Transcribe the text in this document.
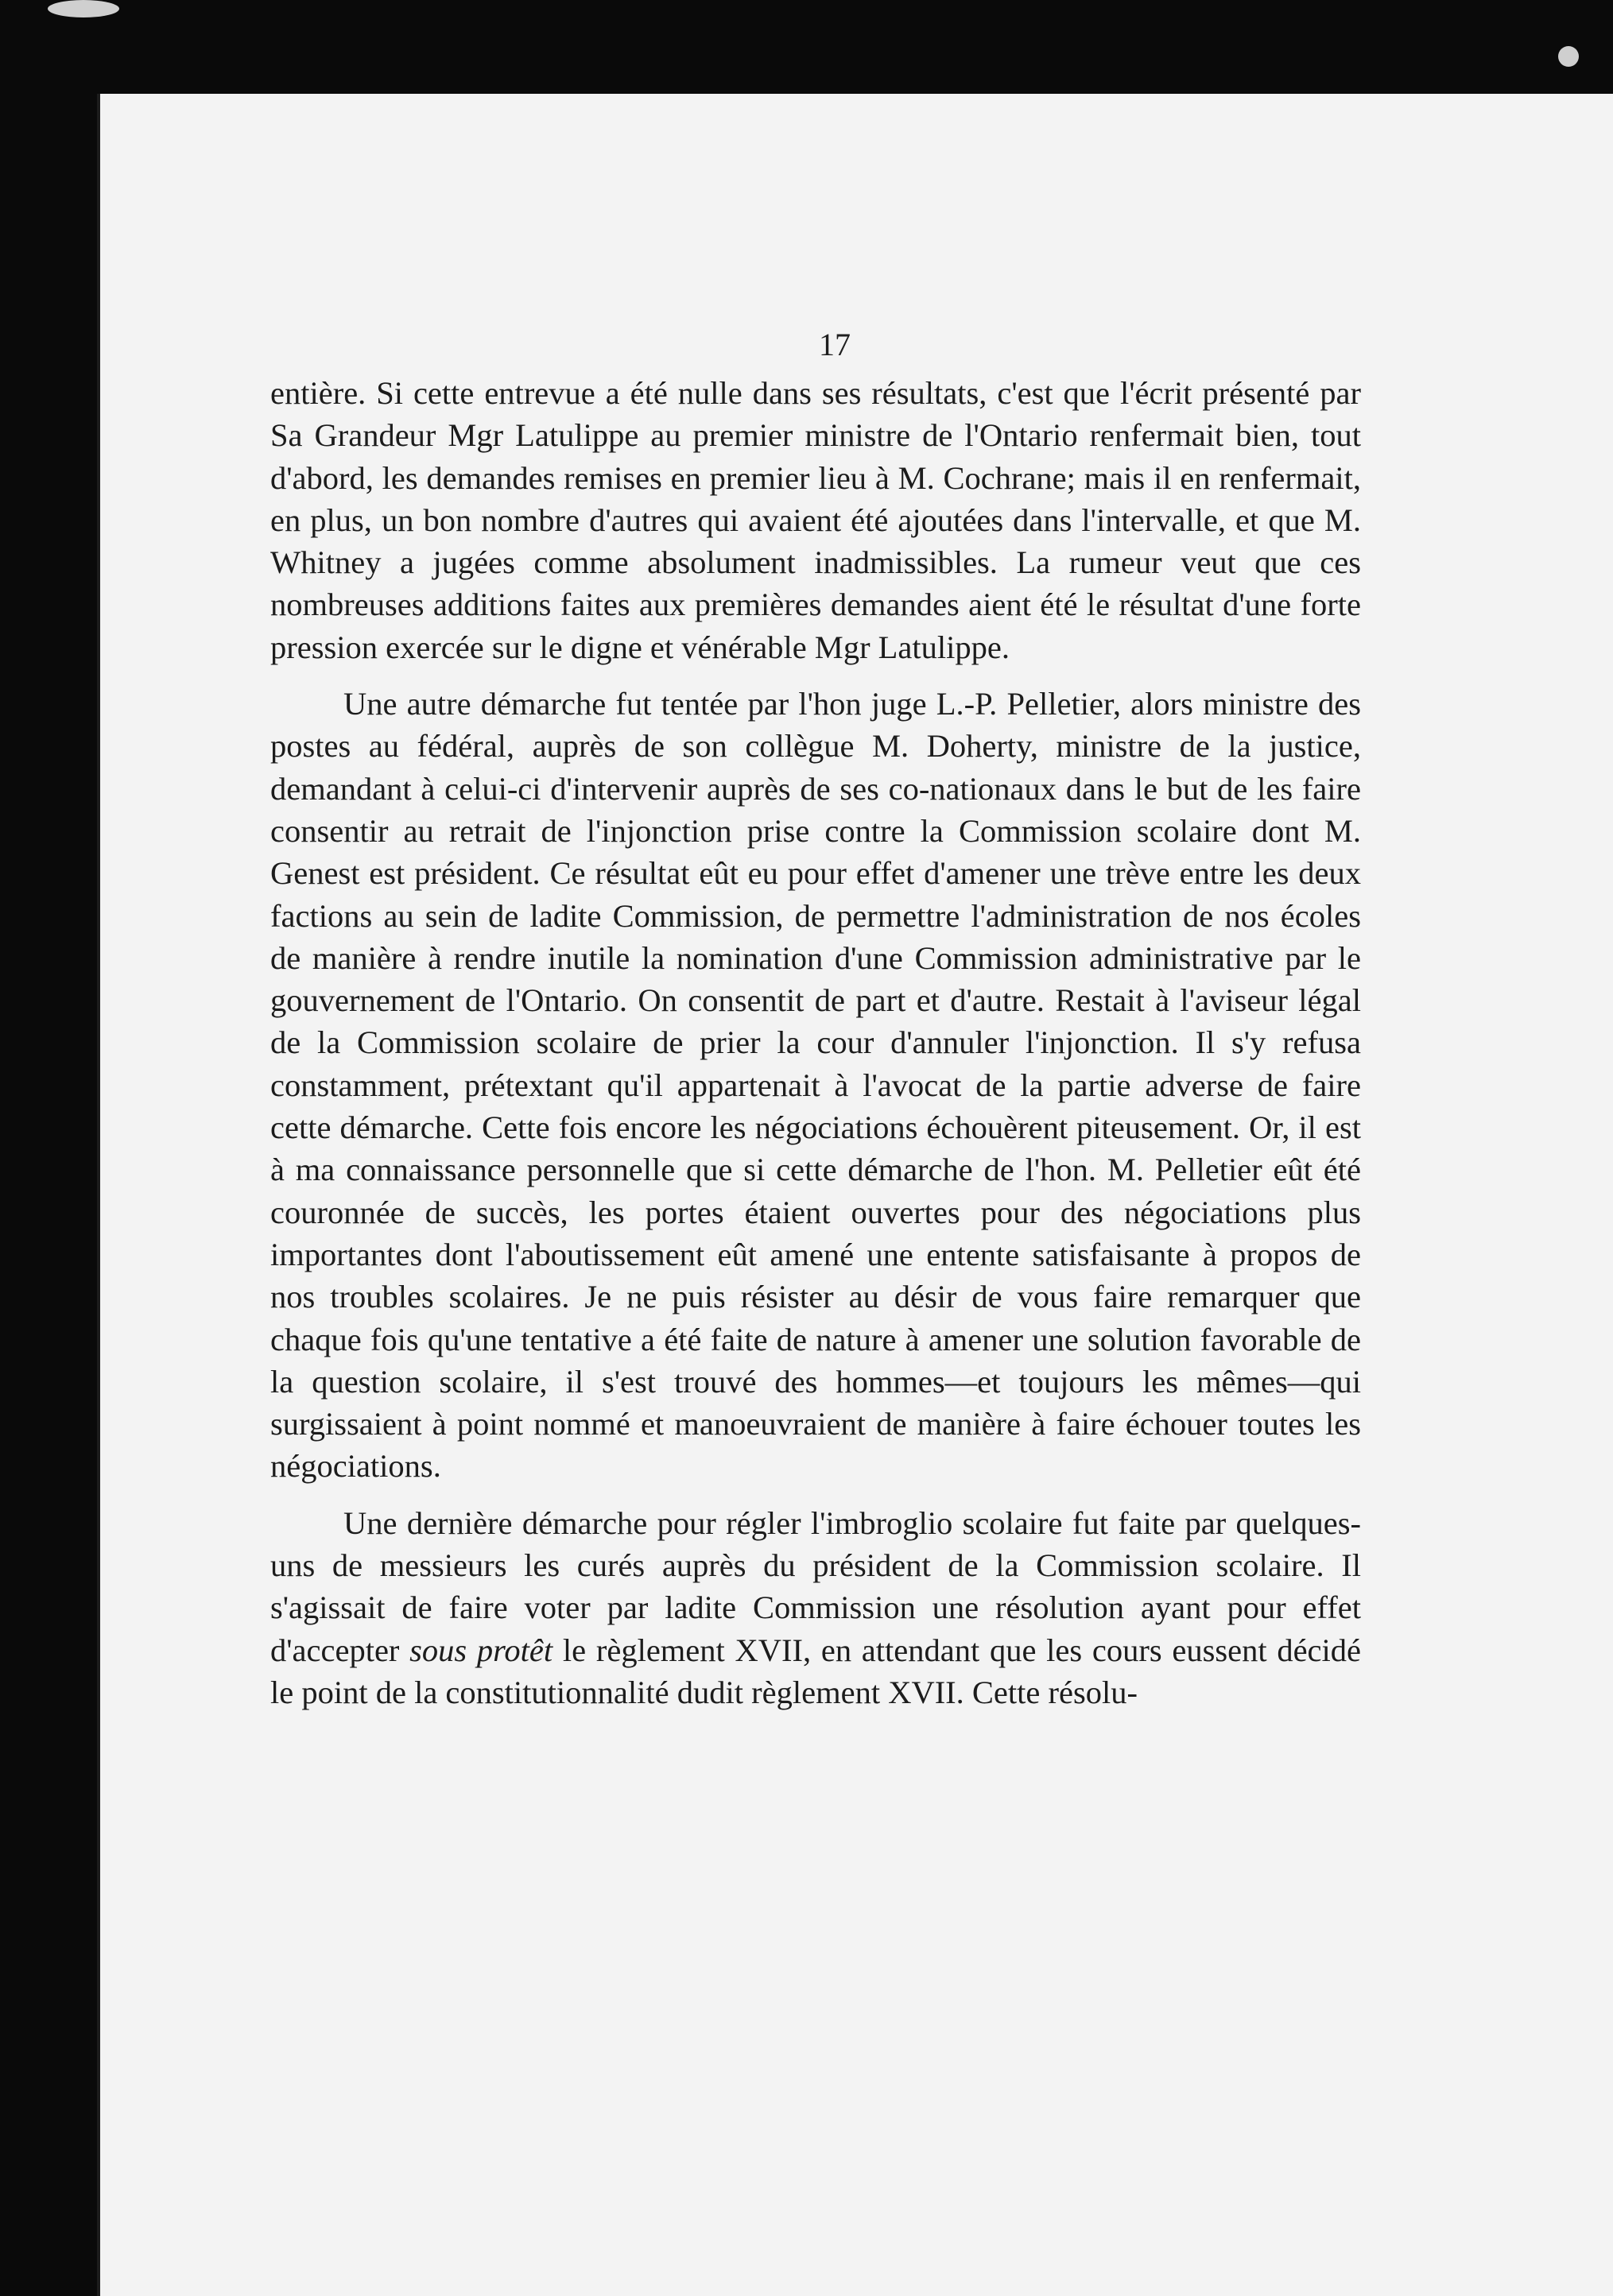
17

entière. Si cette entrevue a été nulle dans ses résultats, c'est que l'écrit présenté par Sa Grandeur Mgr Latulippe au premier ministre de l'Ontario renfermait bien, tout d'abord, les demandes remises en premier lieu à M. Cochrane; mais il en renfermait, en plus, un bon nombre d'autres qui avaient été ajoutées dans l'intervalle, et que M. Whitney a jugées comme absolument inadmissibles. La rumeur veut que ces nombreuses additions faites aux premières demandes aient été le résultat d'une forte pression exercée sur le digne et vénérable Mgr Latulippe.

Une autre démarche fut tentée par l'hon juge L.-P. Pelletier, alors ministre des postes au fédéral, auprès de son collègue M. Doherty, ministre de la justice, demandant à celui-ci d'intervenir auprès de ses co-nationaux dans le but de les faire consentir au retrait de l'injonction prise contre la Commission scolaire dont M. Genest est président. Ce résultat eût eu pour effet d'amener une trève entre les deux factions au sein de ladite Commission, de permettre l'administration de nos écoles de manière à rendre inutile la nomination d'une Commission administrative par le gouvernement de l'Ontario. On consentit de part et d'autre. Restait à l'aviseur légal de la Commission scolaire de prier la cour d'annuler l'injonction. Il s'y refusa constamment, prétextant qu'il appartenait à l'avocat de la partie adverse de faire cette démarche. Cette fois encore les négociations échouèrent piteusement. Or, il est à ma connaissance personnelle que si cette démarche de l'hon. M. Pelletier eût été couronnée de succès, les portes étaient ouvertes pour des négociations plus importantes dont l'aboutissement eût amené une entente satisfaisante à propos de nos troubles scolaires. Je ne puis résister au désir de vous faire remarquer que chaque fois qu'une tentative a été faite de nature à amener une solution favorable de la question scolaire, il s'est trouvé des hommes—et toujours les mêmes—qui surgissaient à point nommé et manoeuvraient de manière à faire échouer toutes les négociations.

Une dernière démarche pour régler l'imbroglio scolaire fut faite par quelques-uns de messieurs les curés auprès du président de la Commission scolaire. Il s'agissait de faire voter par ladite Commission une résolution ayant pour effet d'accepter sous protêt le règlement XVII, en attendant que les cours eussent décidé le point de la constitutionnalité dudit règlement XVII. Cette résolu-
